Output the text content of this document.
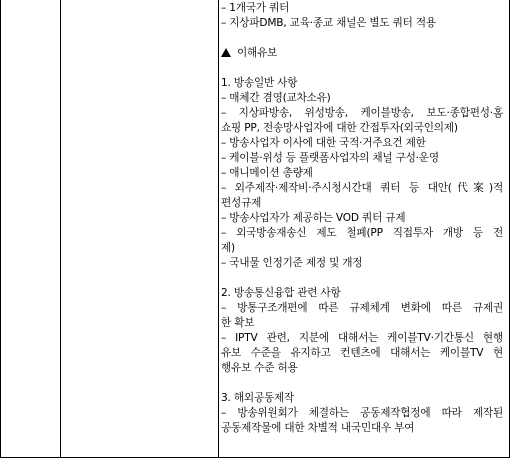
– 1개국가 쿼터
– 지상파DMB, 교육·종교 채널은 별도 쿼터 적용
이해유보
1. 방송일반 사항
– 매체간 겸영(교차소유)
– 지상파방송, 위성방송, 케이블방송, 보도·종합편성·홈
쇼핑 PP, 전송망사업자에 대한 간접투자(외국인의제)
– 방송사업자 이사에 대한 국적·거주요건 제한
– 케이블·위성 등 플랫폼사업자의 채널 구성·운영
– 애니메이션 총량제
– 외주제작·제작비·주시청시간대 쿼터 등 대안(代案)적
편성규제
– 방송사업자가 제공하는 VOD 쿼터 규제
– 외국방송재송신 제도 철폐(PP 직접투자 개방 등 전
제)
– 국내물 인정기준 제정 및 개정
2. 방송통신융합 관련 사항
– 방통구조개편에 따른 규제체계 변화에 따른 규제권
한 확보
– IPTV 관련, 지분에 대해서는 케이블TV·기간통신 현행
유보 수준을 유지하고 컨텐츠에 대해서는 케이블TV 현
행유보 수준 허용
3. 해외공동제작
– 방송위원회가 체결하는 공동제작협정에 따라 제작된
공동제작물에 대한 차별적 내국민대우 부여
